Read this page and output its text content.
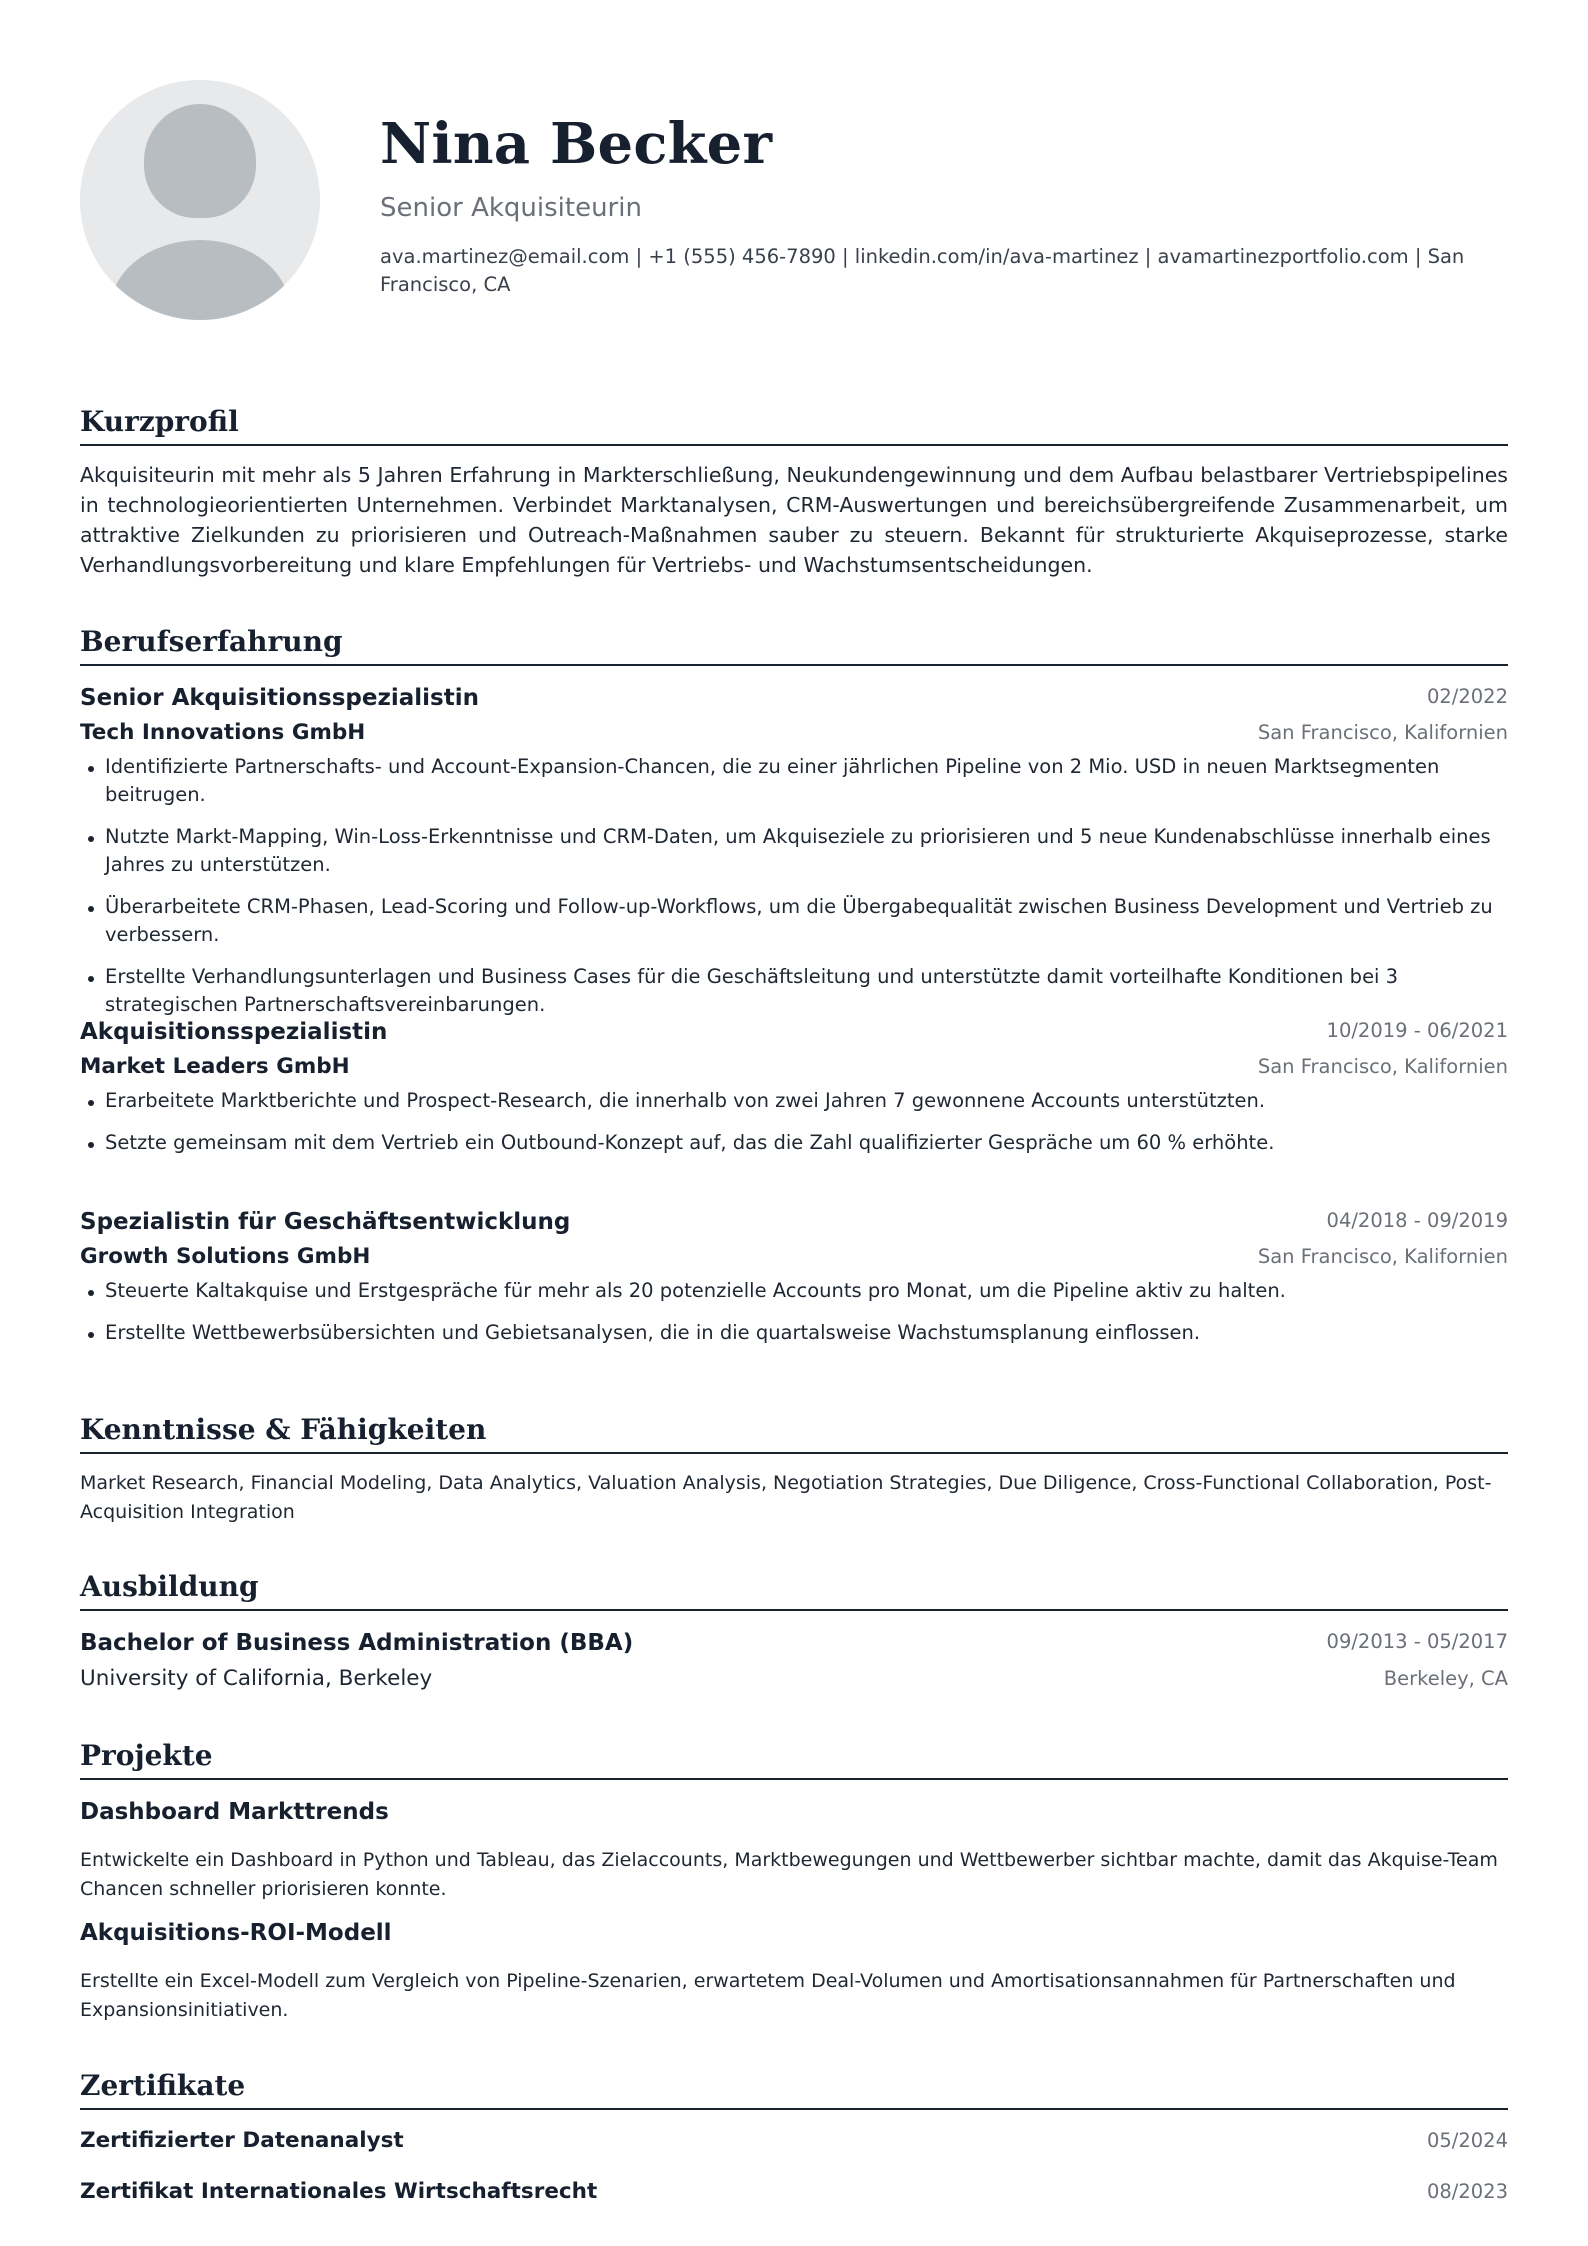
Nina Becker
Senior Akquisiteurin
ava.martinez@email.com | +1 (555) 456-7890 | linkedin.com/in/ava-martinez | avamartinezportfolio.com | San Francisco, CA
Kurzprofil
Akquisiteurin mit mehr als 5 Jahren Erfahrung in Markterschließung, Neukundengewinnung und dem Aufbau belastbarer Vertriebspipelines in technologieorientierten Unternehmen. Verbindet Marktanalysen, CRM-Auswertungen und bereichsübergreifende Zusammenarbeit, um attraktive Zielkunden zu priorisieren und Outreach-Maßnahmen sauber zu steuern. Bekannt für strukturierte Akquiseprozesse, starke Verhandlungsvorbereitung und klare Empfehlungen für Vertriebs- und Wachstumsentscheidungen.
Berufserfahrung
Senior Akquisitionsspezialistin	02/2022
Tech Innovations GmbH	San Francisco, Kalifornien
Identifizierte Partnerschafts- und Account-Expansion-Chancen, die zu einer jährlichen Pipeline von 2 Mio. USD in neuen Marktsegmenten beitrugen.
Nutzte Markt-Mapping, Win-Loss-Erkenntnisse und CRM-Daten, um Akquiseziele zu priorisieren und 5 neue Kundenabschlüsse innerhalb eines Jahres zu unterstützen.
Überarbeitete CRM-Phasen, Lead-Scoring und Follow-up-Workflows, um die Übergabequalität zwischen Business Development und Vertrieb zu verbessern.
Erstellte Verhandlungsunterlagen und Business Cases für die Geschäftsleitung und unterstützte damit vorteilhafte Konditionen bei 3 strategischen Partnerschaftsvereinbarungen.
Akquisitionsspezialistin	10/2019 - 06/2021
Market Leaders GmbH	San Francisco, Kalifornien
Erarbeitete Marktberichte und Prospect-Research, die innerhalb von zwei Jahren 7 gewonnene Accounts unterstützten.
Setzte gemeinsam mit dem Vertrieb ein Outbound-Konzept auf, das die Zahl qualifizierter Gespräche um 60 % erhöhte.
Spezialistin für Geschäftsentwicklung	04/2018 - 09/2019
Growth Solutions GmbH	San Francisco, Kalifornien
Steuerte Kaltakquise und Erstgespräche für mehr als 20 potenzielle Accounts pro Monat, um die Pipeline aktiv zu halten.
Erstellte Wettbewerbsübersichten und Gebietsanalysen, die in die quartalsweise Wachstumsplanung einflossen.
Kenntnisse & Fähigkeiten
Market Research, Financial Modeling, Data Analytics, Valuation Analysis, Negotiation Strategies, Due Diligence, Cross-Functional Collaboration, Post-Acquisition Integration
Ausbildung
Bachelor of Business Administration (BBA)	09/2013 - 05/2017
University of California, Berkeley	Berkeley, CA
Projekte
Dashboard Markttrends
Entwickelte ein Dashboard in Python und Tableau, das Zielaccounts, Marktbewegungen und Wettbewerber sichtbar machte, damit das Akquise-Team Chancen schneller priorisieren konnte.
Akquisitions-ROI-Modell
Erstellte ein Excel-Modell zum Vergleich von Pipeline-Szenarien, erwartetem Deal-Volumen und Amortisationsannahmen für Partnerschaften und Expansionsinitiativen.
Zertifikate
Zertifizierter Datenanalyst	05/2024
Zertifikat Internationales Wirtschaftsrecht	08/2023
